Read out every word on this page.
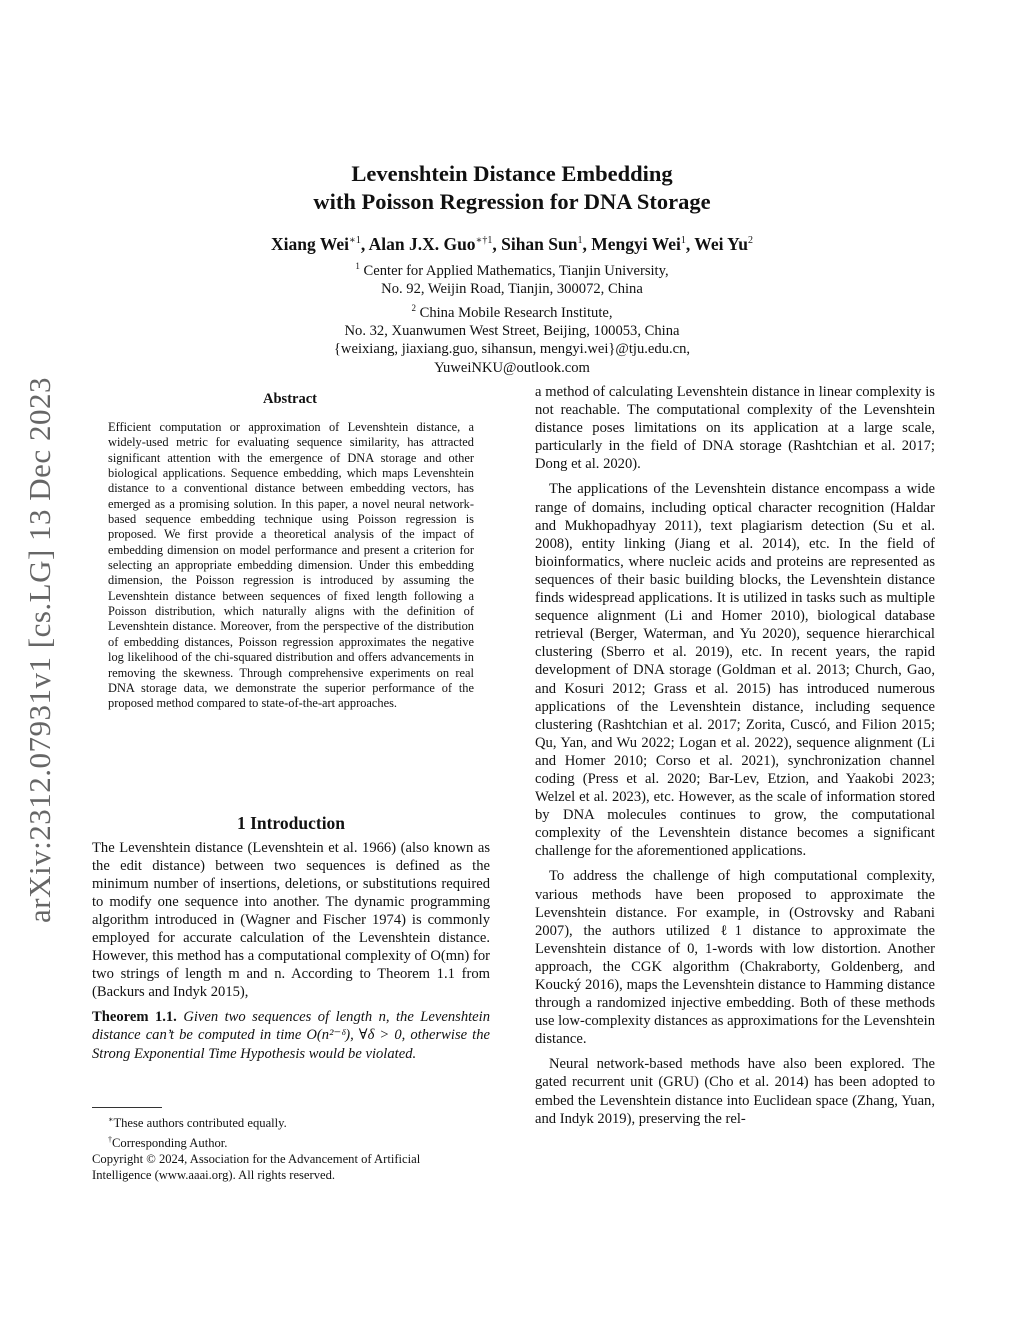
arXiv:2312.07931v1 [cs.LG] 13 Dec 2023
Levenshtein Distance Embedding
with Poisson Regression for DNA Storage
Xiang Wei$^{∗1}$, Alan J.X. Guo$^{∗\dagger 1}$, Sihan Sun$^1$, Mengyi Wei$^1$, Wei Yu$^2$
$^1$ Center for Applied Mathematics, Tianjin University,
No. 92, Weijin Road, Tianjin, 300072, China
$^2$ China Mobile Research Institute,
No. 32, Xuanwumen West Street, Beijing, 100053, China
{weixiang, jiaxiang.guo, sihansun, mengyi.wei}@tju.edu.cn,
YuweiNKU@outlook.com
Abstract
Efficient computation or approximation of Levenshtein distance, a widely-used metric for evaluating sequence similarity, has attracted significant attention with the emergence of DNA storage and other biological applications. Sequence embedding, which maps Levenshtein distance to a conventional distance between embedding vectors, has emerged as a promising solution. In this paper, a novel neural network-based sequence embedding technique using Poisson regression is proposed. We first provide a theoretical analysis of the impact of embedding dimension on model performance and present a criterion for selecting an appropriate embedding dimension. Under this embedding dimension, the Poisson regression is introduced by assuming the Levenshtein distance between sequences of fixed length following a Poisson distribution, which naturally aligns with the definition of Levenshtein distance. Moreover, from the perspective of the distribution of embedding distances, Poisson regression approximates the negative log likelihood of the chi-squared distribution and offers advancements in removing the skewness. Through comprehensive experiments on real DNA storage data, we demonstrate the superior performance of the proposed method compared to state-of-the-art approaches.
1 Introduction

The Levenshtein distance (Levenshtein et al. 1966) (also known as the edit distance) between two sequences is defined as the minimum number of insertions, deletions, or substitutions required to modify one sequence into another. The dynamic programming algorithm introduced in (Wagner and Fischer 1974) is commonly employed for accurate calculation of the Levenshtein distance. However, this method has a computational complexity of O(mn) for two strings of length m and n. According to Theorem 1.1 from (Backurs and Indyk 2015),

Theorem 1.1. Given two sequences of length n, the Levenshtein distance can’t be computed in time O(n²⁻ᵟ), ∀δ > 0, otherwise the Strong Exponential Time Hypothesis would be violated.

∗These authors contributed equally.
†Corresponding Author.
Copyright © 2024, Association for the Advancement of Artificial
Intelligence (www.aaai.org). All rights reserved.

a method of calculating Levenshtein distance in linear complexity is not reachable. The computational complexity of the Levenshtein distance poses limitations on its application at a large scale, particularly in the field of DNA storage (Rashtchian et al. 2017; Dong et al. 2020).

The applications of the Levenshtein distance encompass a wide range of domains, including optical character recognition (Haldar and Mukhopadhyay 2011), text plagiarism detection (Su et al. 2008), entity linking (Jiang et al. 2014), etc. In the field of bioinformatics, where nucleic acids and proteins are represented as sequences of their basic building blocks, the Levenshtein distance finds widespread applications. It is utilized in tasks such as multiple sequence alignment (Li and Homer 2010), biological database retrieval (Berger, Waterman, and Yu 2020), sequence hierarchical clustering (Sberro et al. 2019), etc. In recent years, the rapid development of DNA storage (Goldman et al. 2013; Church, Gao, and Kosuri 2012; Grass et al. 2015) has introduced numerous applications of the Levenshtein distance, including sequence clustering (Rashtchian et al. 2017; Zorita, Cuscó, and Filion 2015; Qu, Yan, and Wu 2022; Logan et al. 2022), sequence alignment (Li and Homer 2010; Corso et al. 2021), synchronization channel coding (Press et al. 2020; Bar-Lev, Etzion, and Yaakobi 2023; Welzel et al. 2023), etc. However, as the scale of information stored by DNA molecules continues to grow, the computational complexity of the Levenshtein distance becomes a significant challenge for the aforementioned applications.

To address the challenge of high computational complexity, various methods have been proposed to approximate the Levenshtein distance. For example, in (Ostrovsky and Rabani 2007), the authors utilized ℓ1 distance to approximate the Levenshtein distance of 0, 1-words with low distortion. Another approach, the CGK algorithm (Chakraborty, Goldenberg, and Koucký 2016), maps the Levenshtein distance to Hamming distance through a randomized injective embedding. Both of these methods use low-complexity distances as approximations for the Levenshtein distance.

Neural network-based methods have also been explored. The gated recurrent unit (GRU) (Cho et al. 2014) has been adopted to embed the Levenshtein distance into Euclidean space (Zhang, Yuan, and Indyk 2019), preserving the rel-
